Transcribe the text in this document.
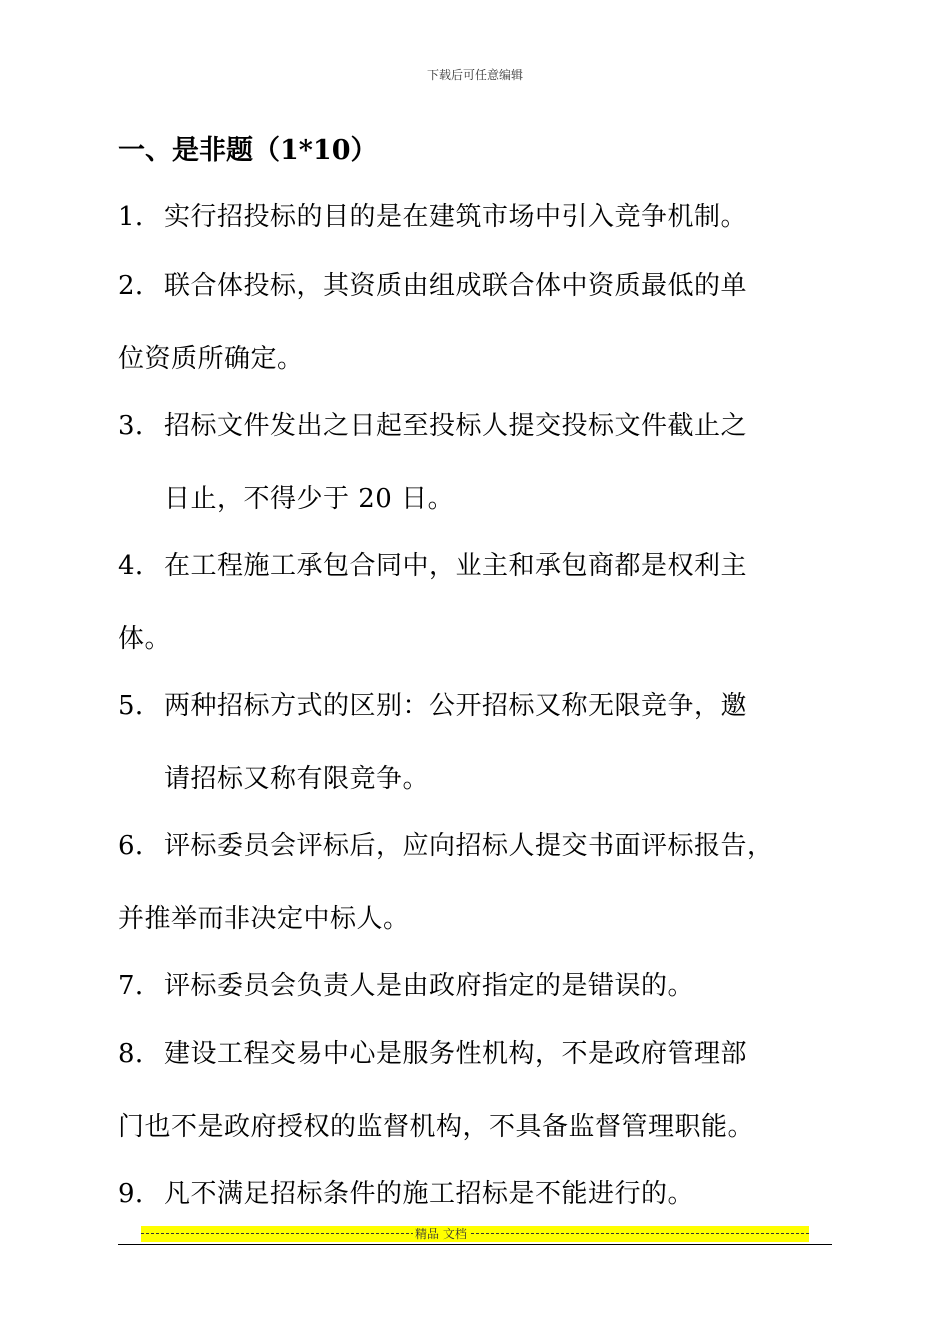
下载后可任意编辑
一、是非题（1*10）
1．实行招投标的目的是在建筑市场中引入竞争机制。
2．联合体投标，其资质由组成联合体中资质最低的单
位资质所确定。
3．招标文件发出之日起至投标人提交投标文件截止之
日止，不得少于 20 日。
4．在工程施工承包合同中，业主和承包商都是权利主
体。
5．两种招标方式的区别：公开招标又称无限竞争，邀
请招标又称有限竞争。
6．评标委员会评标后，应向招标人提交书面评标报告，
并推举而非决定中标人。
7．评标委员会负责人是由政府指定的是错误的。
8．建设工程交易中心是服务性机构，不是政府管理部
门也不是政府授权的监督机构，不具备监督管理职能。
9．凡不满足招标条件的施工招标是不能进行的。
精品 文档
